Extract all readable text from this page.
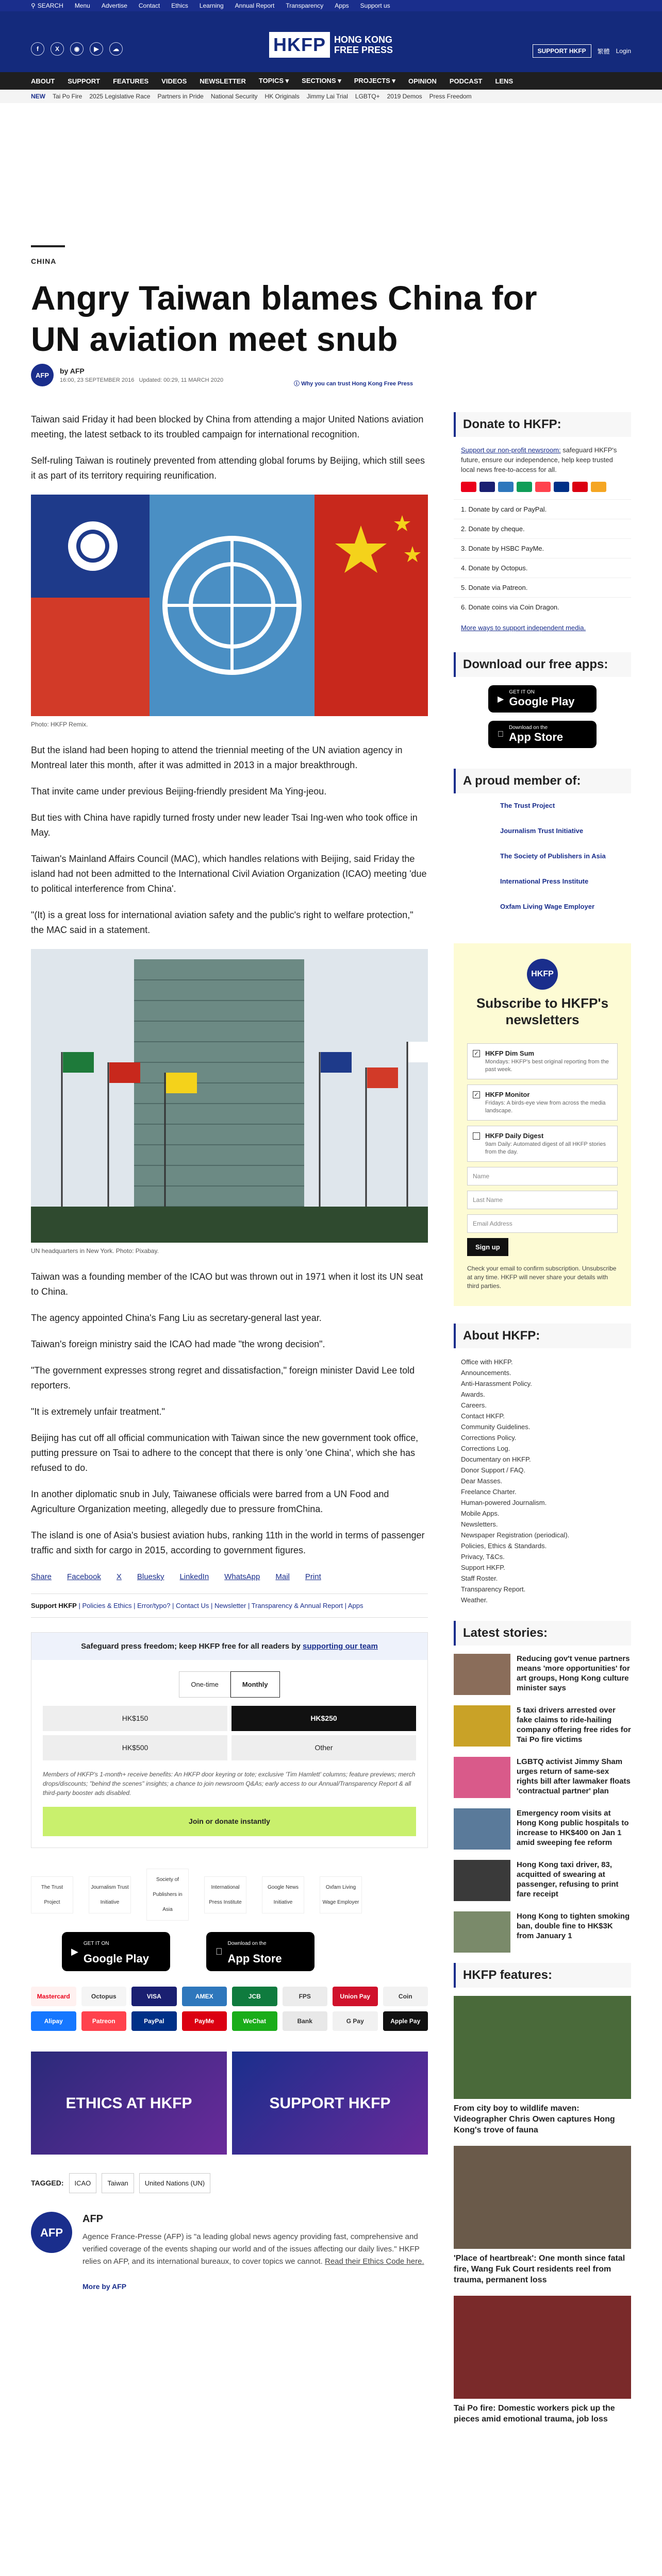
⚲ SEARCH Menu Advertise Contact Ethics Learning Annual Report Transparency Apps Support us
f	X	◉	▶	☁	HKFP HONG KONG
FREE PRESS	SUPPORT HKFP	繁體 Login
ABOUT SUPPORT FEATURES VIDEOS NEWSLETTER TOPICS ▾ SECTIONS ▾ PROJECTS ▾ OPINION PODCAST LENS
NEW Tai Po Fire 2025 Legislative Race Partners in Pride National Security HK Originals Jimmy Lai Trial LGBTQ+ 2019 Demos Press Freedom
CHINA
Angry Taiwan blames China for UN aviation meet snub
AFP	by AFP
16:00, 23 SEPTEMBER 2016 Updated: 00:29, 11 MARCH 2020
ⓘ Why you can trust Hong Kong Free Press

Taiwan said Friday it had been blocked by China from attending a major United Nations aviation meeting, the latest setback to its troubled campaign for international recognition.

Self-ruling Taiwan is routinely prevented from attending global forums by Beijing, which still sees it as part of its territory requiring reunification.

Photo: HKFP Remix.

But the island had been hoping to attend the triennial meeting of the UN aviation agency in Montreal later this month, after it was admitted in 2013 in a major breakthrough.

That invite came under previous Beijing-friendly president Ma Ying-jeou.

But ties with China have rapidly turned frosty under new leader Tsai Ing-wen who took office in May.

Taiwan's Mainland Affairs Council (MAC), which handles relations with Beijing, said Friday the island had not been admitted to the International Civil Aviation Organization (ICAO) meeting 'due to political interference from China'.

"(It) is a great loss for international aviation safety and the public's right to welfare protection," the MAC said in a statement.

UN headquarters in New York. Photo: Pixabay.

Taiwan was a founding member of the ICAO but was thrown out in 1971 when it lost its UN seat to China.

The agency appointed China's Fang Liu as secretary-general last year.

Taiwan's foreign ministry said the ICAO had made "the wrong decision".

"The government expresses strong regret and dissatisfaction," foreign minister David Lee told reporters.

"It is extremely unfair treatment."

Beijing has cut off all official communication with Taiwan since the new government took office, putting pressure on Tsai to adhere to the concept that there is only 'one China', which she has refused to do.

In another diplomatic snub in July, Taiwanese officials were barred from a UN Food and Agriculture Organization meeting, allegedly due to pressure fromChina.

The island is one of Asia's busiest aviation hubs, ranking 11th in the world in terms of passenger traffic and sixth for cargo in 2015, according to government figures.

Share Facebook X Bluesky LinkedIn WhatsApp Mail Print
Support HKFP | Policies & Ethics | Error/typo? | Contact Us | Newsletter | Transparency & Annual Report | Apps
Safeguard press freedom; keep HKFP free for all readers by supporting our team
One-time	Monthly
HK$150	HK$250
HK$500	Other
Members of HKFP's 1-month+ receive benefits: An HKFP door keyring or tote; exclusive 'Tim Hamlett' columns; feature previews; merch drops/discounts; "behind the scenes" insights; a chance to join newsroom Q&As; early access to our Annual/Transparency Report & all third-party booster ads disabled.
Join or donate instantly
The Trust Project
Journalism Trust Initiative
Society of Publishers in Asia
International Press Institute
Google News Initiative
Oxfam Living Wage Employer
▶
GET IT ON
Google Play
Download on the
App Store
Mastercard	Octopus	VISA	AMEX	JCB	FPS	Union Pay	Coin
Alipay	Patreon	PayPal	PayMe	WeChat	Bank	G Pay	Apple Pay
ETHICS AT HKFP	SUPPORT HKFP
TAGGED:	ICAO	Taiwan	United Nations (UN)
AFP
AFP

Agence France-Presse (AFP) is "a leading global news agency providing fast, comprehensive and verified coverage of the events shaping our world and of the issues affecting our daily lives." HKFP relies on AFP, and its international bureaux, to cover topics we cannot. Read their Ethics Code here.

More by AFP
Donate to HKFP:
Support our non-profit newsroom: safeguard HKFP's future, ensure our independence, help keep trusted local news free-to-access for all.
1. Donate by card or PayPal.
2. Donate by cheque.
3. Donate by HSBC PayMe.
4. Donate by Octopus.
5. Donate via Patreon.
6. Donate coins via Coin Dragon.
More ways to support independent media.
Download our free apps:
▶
GET IT ON
Google Play
Download on the
App Store
A proud member of:
The Trust Project
Journalism Trust Initiative
The Society of Publishers in Asia
International Press Institute
Oxfam Living Wage Employer
HKFP
Subscribe to HKFP's newsletters
✓ HKFP Dim Sum

Mondays: HKFP's best original reporting from the past week.

✓ HKFP Monitor

Fridays: A birds-eye view from across the media landscape.

HKFP Daily Digest

9am Daily: Automated digest of all HKFP stories from the day.

Name
Last Name
Email Address
Sign up
Check your email to confirm subscription. Unsubscribe at any time. HKFP will never share your details with third parties.
About HKFP:
Office with HKFP.
Announcements.
Anti-Harassment Policy.
Awards.
Careers.
Contact HKFP.
Community Guidelines.
Corrections Policy.
Corrections Log.
Documentary on HKFP.
Donor Support / FAQ.
Dear Masses.
Freelance Charter.
Human-powered Journalism.
Mobile Apps.
Newsletters.
Newspaper Registration (periodical).
Policies, Ethics & Standards.
Privacy, T&Cs.
Support HKFP.
Staff Roster.
Transparency Report.
Weather.
Latest stories:
Reducing gov't venue partners means 'more opportunities' for art groups, Hong Kong culture minister says
5 taxi drivers arrested over fake claims to ride-hailing company offering free rides for Tai Po fire victims
LGBTQ activist Jimmy Sham urges return of same-sex rights bill after lawmaker floats 'contractual partner' plan
Emergency room visits at Hong Kong public hospitals to increase to HK$400 on Jan 1 amid sweeping fee reform
Hong Kong taxi driver, 83, acquitted of swearing at passenger, refusing to print fare receipt
Hong Kong to tighten smoking ban, double fine to HK$3K from January 1
HKFP features:
From city boy to wildlife maven: Videographer Chris Owen captures Hong Kong's trove of fauna
'Place of heartbreak': One month since fatal fire, Wang Fuk Court residents reel from trauma, permanent loss
Tai Po fire: Domestic workers pick up the pieces amid emotional trauma, job loss
